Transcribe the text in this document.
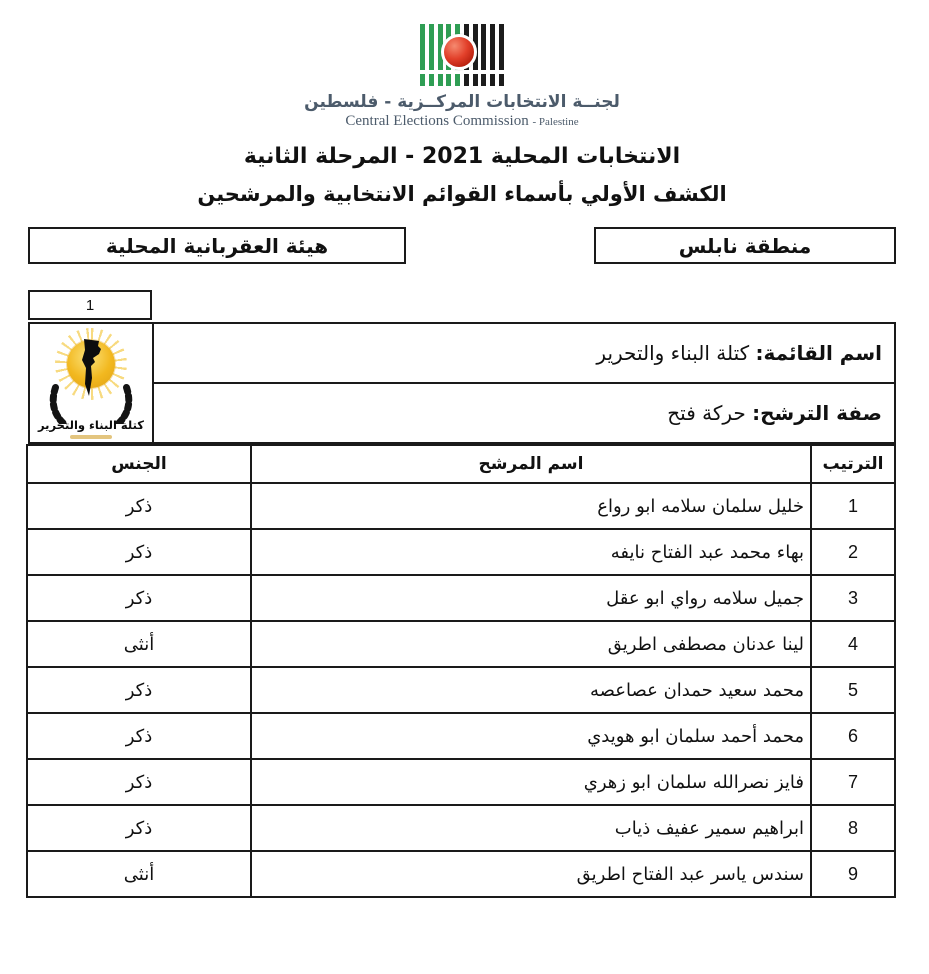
لجنــة الانتخابات المركــزية - فلسطين
Central Elections Commission - Palestine
الانتخابات المحلية 2021 - المرحلة الثانية
الكشف الأولي بأسماء القوائم الانتخابية والمرشحين
منطقة نابلس
هيئة العقربانية المحلية
1
اسم القائمة: كتلة البناء والتحرير	
كتلة البناء والتحرير

صفة الترشح: حركة فتح
الترتيب	اسم المرشح	الجنس
1	خليل سلمان سلامه ابو رواع	ذكر
2	بهاء محمد عبد الفتاح نايفه	ذكر
3	جميل سلامه رواي ابو عقل	ذكر
4	لينا عدنان مصطفى اطريق	أنثى
5	محمد سعيد حمدان عصاعصه	ذكر
6	محمد أحمد سلمان ابو هويدي	ذكر
7	فايز نصرالله سلمان ابو زهري	ذكر
8	ابراهيم سمير عفيف ذياب	ذكر
9	سندس ياسر عبد الفتاح اطريق	أنثى
